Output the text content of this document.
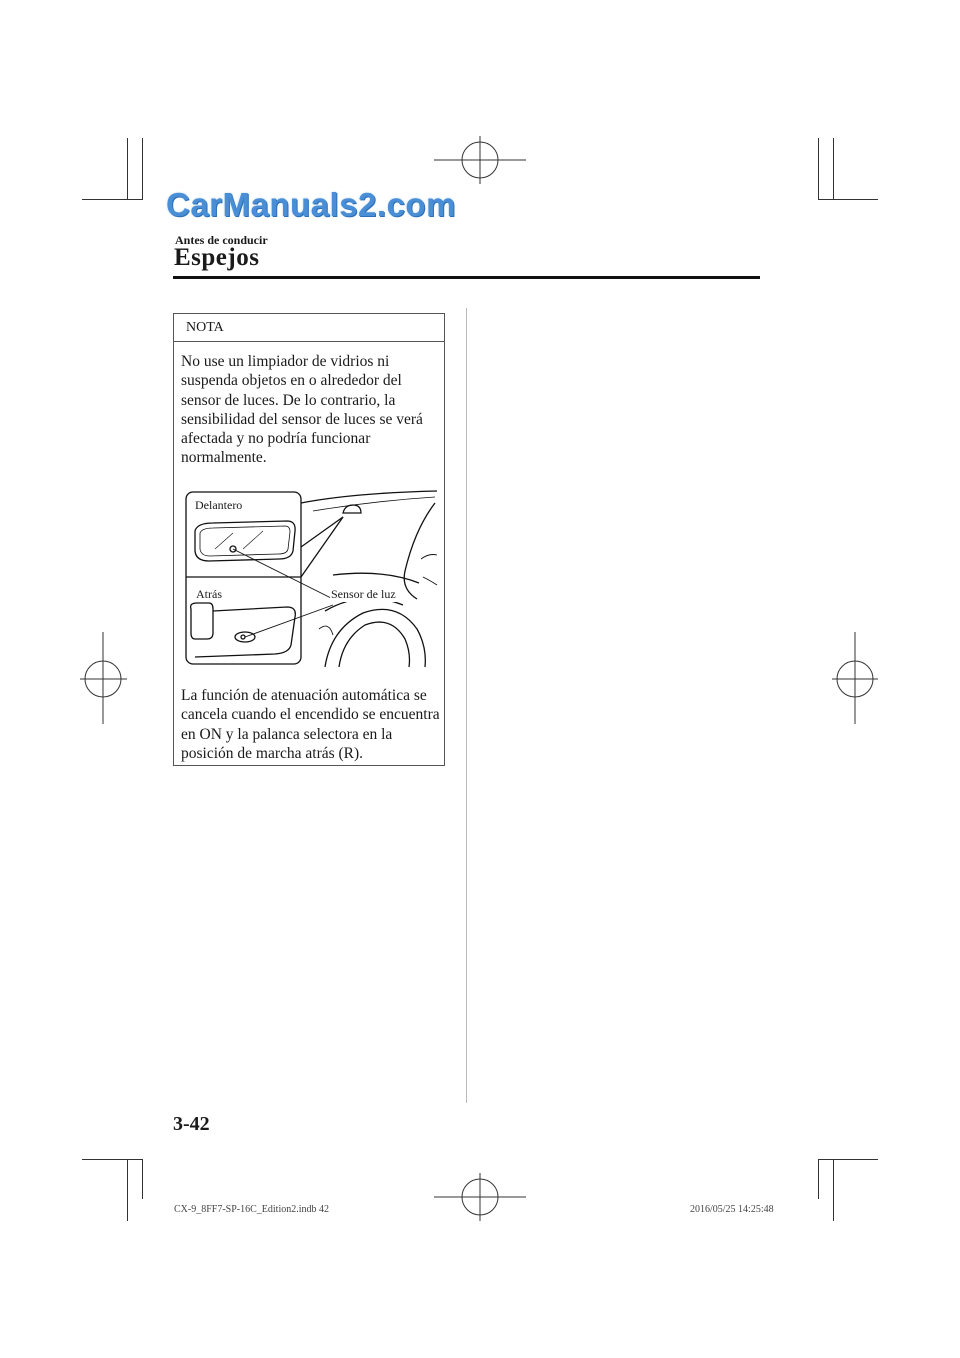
CarManuals2.com
Antes de conducir
Espejos
NOTA
No use un limpiador de vidrios ni suspenda objetos en o alrededor del sensor de luces. De lo contrario, la sensibilidad del sensor de luces se verá afectada y no podría funcionar normalmente.
Delantero
Atrás	Sensor de luz
La función de atenuación automática se cancela cuando el encendido se encuentra en ON y la palanca selectora en la posición de marcha atrás (R).
3-42
CX-9_8FF7-SP-16C_Edition2.indb 42	2016/05/25 14:25:48
